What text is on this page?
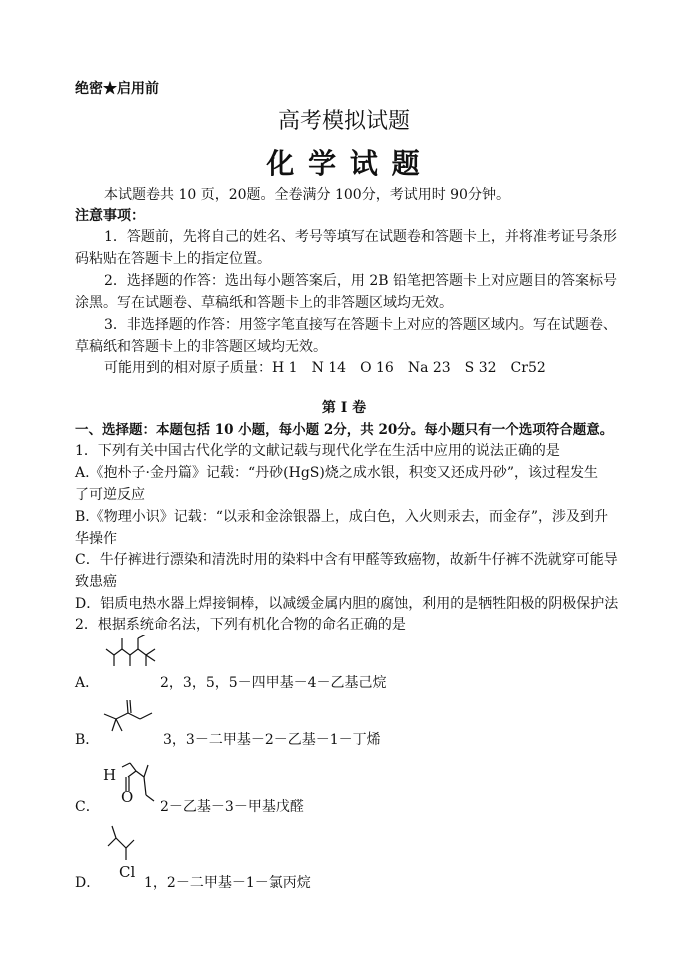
绝密★启用前
高考模拟试题
化 学 试 题
本试题卷共 10 页，20题。全卷满分 100分，考试用时 90分钟。
注意事项：
1．答题前，先将自己的姓名、考号等填写在试题卷和答题卡上，并将准考证号条形
码粘贴在答题卡上的指定位置。
2．选择题的作答：选出每小题答案后，用 2B 铅笔把答题卡上对应题目的答案标号
涂黑。写在试题卷、草稿纸和答题卡上的非答题区域均无效。
3．非选择题的作答：用签字笔直接写在答题卡上对应的答题区域内。写在试题卷、
草稿纸和答题卡上的非答题区域均无效。
可能用到的相对原子质量：H 1　N 14　O 16　Na 23　S 32　Cr52
第 I 卷
一、选择题：本题包括 10 小题，每小题 2分，共 20分。每小题只有一个选项符合题意。
1．下列有关中国古代化学的文献记载与现代化学在生活中应用的说法正确的是
A.《抱朴子·金丹篇》记载：“丹砂(HgS)烧之成水银，积变又还成丹砂”，该过程发生
了可逆反应
B.《物理小识》记载：“以汞和金涂银器上，成白色，入火则汞去，而金存”，涉及到升
华操作
C．牛仔裤进行漂染和清洗时用的染料中含有甲醛等致癌物，故新牛仔裤不洗就穿可能导
致患癌
D．铝质电热水器上焊接铜棒，以减缓金属内胆的腐蚀，利用的是牺牲阳极的阴极保护法
2．根据系统命名法，下列有机化合物的命名正确的是
A．	2，3，5，5－四甲基－4－乙基己烷
B．	3，3－二甲基－2－乙基－1－丁烯
C．
H
O
2－乙基－3－甲基戊醛
D．
Cl
1，2－二甲基－1－氯丙烷
